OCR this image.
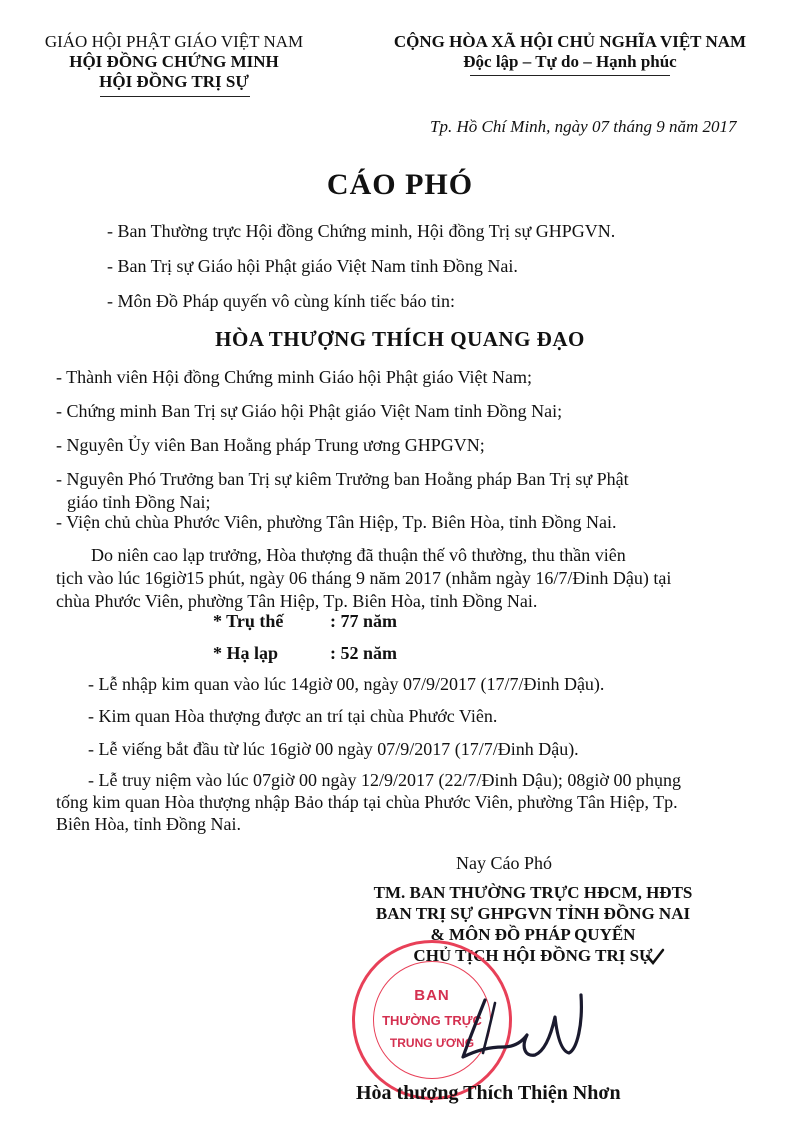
GIÁO HỘI PHẬT GIÁO VIỆT NAM
HỘI ĐỒNG CHỨNG MINH
HỘI ĐỒNG TRỊ SỰ
CỘNG HÒA XÃ HỘI CHỦ NGHĨA VIỆT NAM
Độc lập – Tự do – Hạnh phúc
Tp. Hồ Chí Minh, ngày 07 tháng 9 năm 2017
CÁO PHÓ
- Ban Thường trực Hội đồng Chứng minh, Hội đồng Trị sự GHPGVN.
- Ban Trị sự Giáo hội Phật giáo Việt Nam tỉnh Đồng Nai.
- Môn Đồ Pháp quyến vô cùng kính tiếc báo tin:
HÒA THƯỢNG THÍCH QUANG ĐẠO
- Thành viên Hội đồng Chứng minh Giáo hội Phật giáo Việt Nam;
- Chứng minh Ban Trị sự Giáo hội Phật giáo Việt Nam tỉnh Đồng Nai;
- Nguyên Ủy viên Ban Hoằng pháp Trung ương GHPGVN;
- Nguyên Phó Trưởng ban Trị sự kiêm Trưởng ban Hoằng pháp Ban Trị sự Phật
giáo tỉnh Đồng Nai;
- Viện chủ chùa Phước Viên, phường Tân Hiệp, Tp. Biên Hòa, tỉnh Đồng Nai.
Do niên cao lạp trưởng, Hòa thượng đã thuận thế vô thường, thu thần viên
tịch vào lúc 16giờ15 phút, ngày 06 tháng 9 năm 2017 (nhằm ngày 16/7/Đinh Dậu) tại
chùa Phước Viên, phường Tân Hiệp, Tp. Biên Hòa, tỉnh Đồng Nai.
* Trụ thế	: 77 năm
* Hạ lạp	: 52 năm
- Lễ nhập kim quan vào lúc 14giờ 00, ngày 07/9/2017 (17/7/Đinh Dậu).
- Kim quan Hòa thượng được an trí tại chùa Phước Viên.
- Lễ viếng bắt đầu từ lúc 16giờ 00 ngày 07/9/2017 (17/7/Đinh Dậu).
- Lễ truy niệm vào lúc 07giờ 00 ngày 12/9/2017 (22/7/Đinh Dậu); 08giờ 00 phụng
tống kim quan Hòa thượng nhập Bảo tháp tại chùa Phước Viên, phường Tân Hiệp, Tp.
Biên Hòa, tỉnh Đồng Nai.
Nay Cáo Phó
TM. BAN THƯỜNG TRỰC HĐCM, HĐTS
BAN TRỊ SỰ GHPGVN TỈNH ĐỒNG NAI
& MÔN ĐỒ PHÁP QUYẾN
CHỦ TỊCH HỘI ĐỒNG TRỊ SỰ
BAN
THƯỜNG TRỰC
TRUNG ƯƠNG
Hòa thượng Thích Thiện Nhơn
